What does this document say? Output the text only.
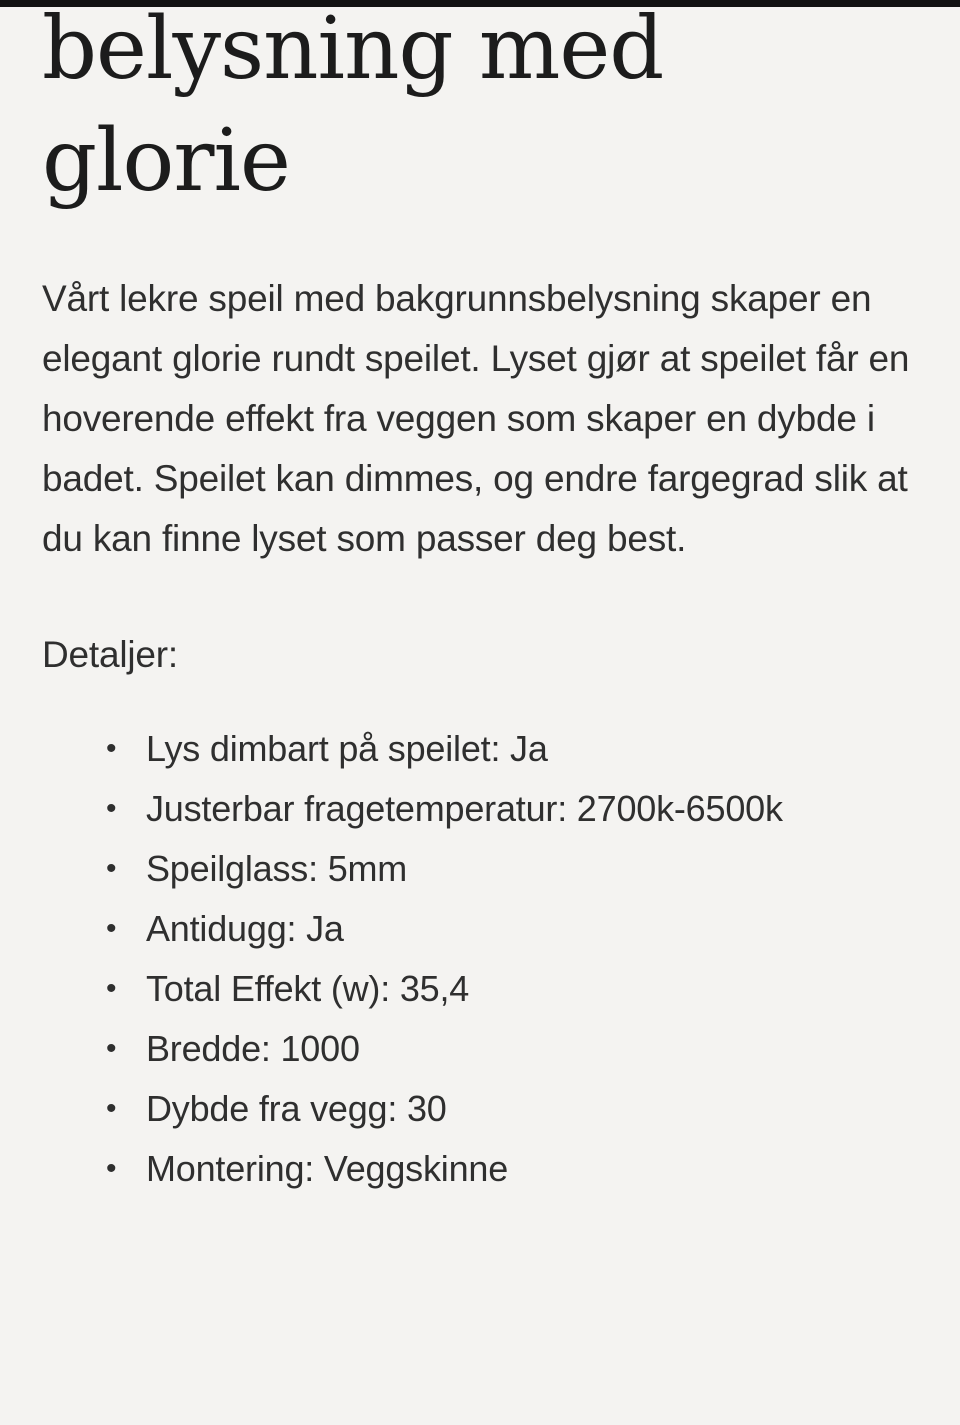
belysning med
glorie

Vårt lekre speil med bakgrunnsbelysning skaper en elegant glorie rundt speilet. Lyset gjør at speilet får en hoverende effekt fra veggen som skaper en dybde i badet. Speilet kan dimmes, og endre fargegrad slik at du kan finne lyset som passer deg best.

Detaljer:

• Lys dimbart på speilet: Ja
• Justerbar fragetemperatur: 2700k-6500k
• Speilglass: 5mm
• Antidugg: Ja
• Total Effekt (w): 35,4
• Bredde: 1000
• Dybde fra vegg: 30
• Montering: Veggskinne
